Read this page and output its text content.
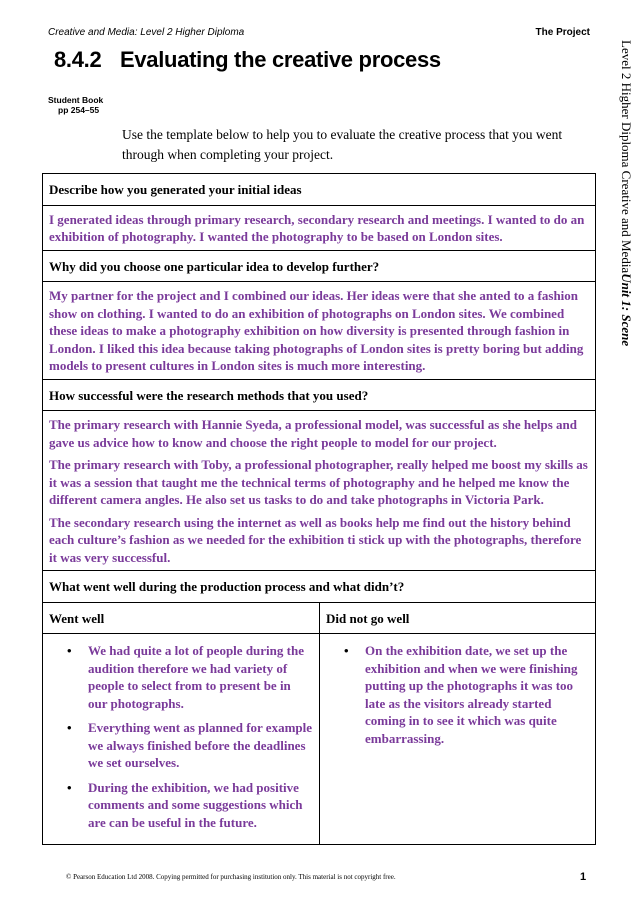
Creative and Media: Level 2 Higher Diploma	The Project
Level 2 Higher Diploma Creative and MediaUnit 1: Scene
8.4.2 Evaluating the creative process
Student Book
pp 254–55
Use the template below to help you to evaluate the creative process that you went through when completing your project.
Describe how you generated your initial ideas

I generated ideas through primary research, secondary research and meetings. I wanted to do an exhibition of photography. I wanted the photography to be based on London sites.

Why did you choose one particular idea to develop further?

My partner for the project and I combined our ideas. Her ideas were that she anted to a fashion show on clothing. I wanted to do an exhibition of photographs on London sites. We combined these ideas to make a photography exhibition on how diversity is presented through fashion in London. I liked this idea because taking photographs of London sites is pretty boring but adding models to present cultures in London sites is much more interesting.

How successful were the research methods that you used?

The primary research with Hannie Syeda, a professional model, was successful as she helps and gave us advice how to know and choose the right people to model for our project.

The primary research with Toby, a professional photographer, really helped me boost my skills as it was a session that taught me the technical terms of photography and he helped me know the different camera angles. He also set us tasks to do and take photographs in Victoria Park.

The secondary research using the internet as well as books help me find out the history behind each culture’s fashion as we needed for the exhibition ti stick up with the photographs, therefore it was very successful.

What went well during the production process and what didn’t?
Went well
• We had quite a lot of people during the audition therefore we had variety of people to select from to present be in our photographs.
• Everything went as planned for example we always finished before the deadlines we set ourselves.
• During the exhibition, we had positive comments and some suggestions which are can be useful in the future.
Did not go well
• On the exhibition date, we set up the exhibition and when we were finishing putting up the photographs it was too late as the visitors already started coming in to see it which was quite embarrassing.
© Pearson Education Ltd 2008. Copying permitted for purchasing institution only. This material is not copyright free.	1
